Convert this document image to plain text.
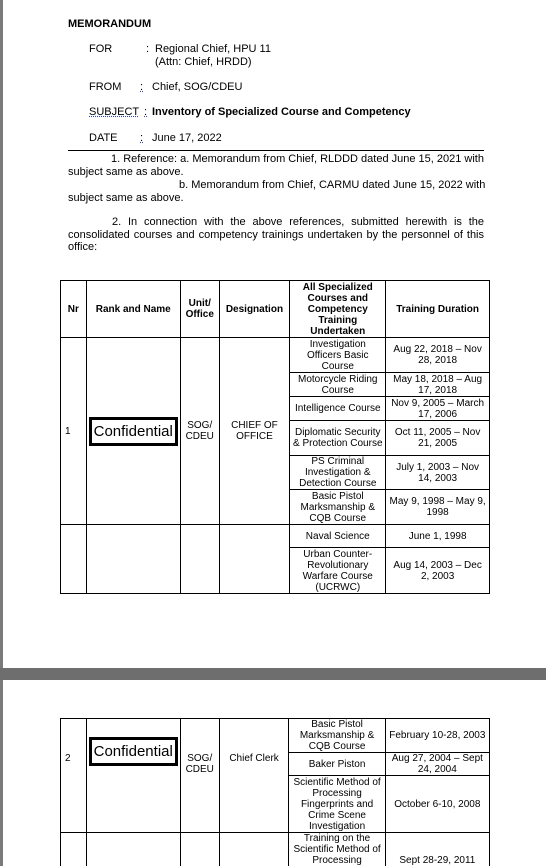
MEMORANDUM
FOR	: Regional Chief, HPU 11
(Attn: Chief, HRDD)
FROM : Chief, SOG/CDEU
SUBJECT : Inventory of Specialized Course and Competency
DATE : June 17, 2022
1. Reference: a. Memorandum from Chief, RLDDD dated June 15, 2021 with
subject same as above.
b. Memorandum from Chief, CARMU dated June 15, 2022 with
subject same as above.
2. In connection with the above references, submitted herewith is the consolidated courses and competency trainings undertaken by the personnel of this office:
Nr	Rank and Name	Unit/ Office	Designation	All Specialized Courses and Competency Training Undertaken	Training Duration
1	Confidential	SOG/ CDEU	CHIEF OF OFFICE	Investigation Officers Basic Course	Aug 22, 2018 – Nov 28, 2018
				Motorcycle Riding Course	May 18, 2018 – Aug 17, 2018
				Intelligence Course	Nov 9, 2005 – March 17, 2006
				Diplomatic Security & Protection Course	Oct 11, 2005 – Nov 21, 2005
				PS Criminal Investigation & Detection Course	July 1, 2003 – Nov 14, 2003
				Basic Pistol Marksmanship & CQB Course	May 9, 1998 – May 9, 1998
				Naval Science	June 1, 1998
				Urban Counter-Revolutionary Warfare Course (UCRWC)	Aug 14, 2003 – Dec 2, 2003
2	Confidential	SOG/ CDEU	Chief Clerk	Basic Pistol Marksmanship & CQB Course	February 10-28, 2003
				Baker Piston	Aug 27, 2004 – Sept 24, 2004
				Scientific Method of Processing Fingerprints and Crime Scene Investigation	October 6-10, 2008
				Training on the Scientific Method of Processing	Sept 28-29, 2011
